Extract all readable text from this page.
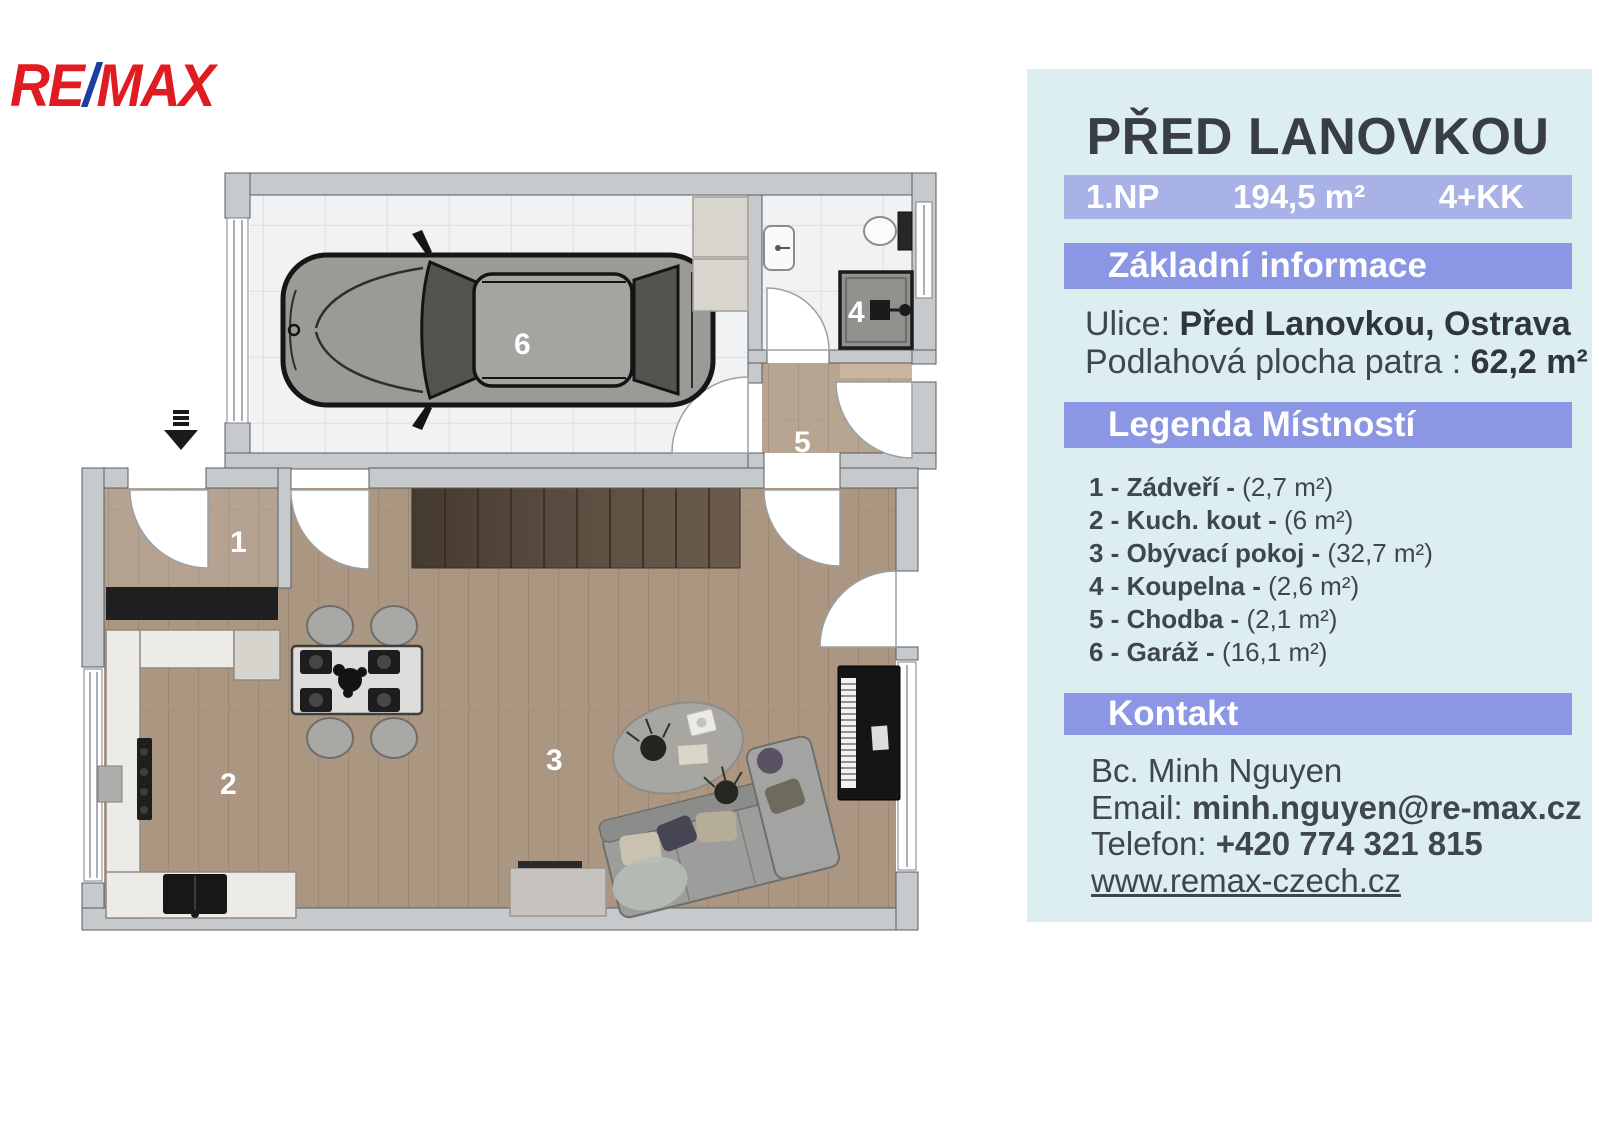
RE/MAX
1
2
3
4
5
6
PŘED LANOVKOU
1.NP 194,5 m² 4+KK
Základní informace
Ulice: Před Lanovkou, Ostrava
Podlahová plocha patra : 62,2 m²
Legenda Místností
1 - Zádveří - (2,7 m²)
2 - Kuch. kout - (6 m²)
3 - Obývací pokoj - (32,7 m²)
4 - Koupelna - (2,6 m²)
5 - Chodba - (2,1 m²)
6 - Garáž - (16,1 m²)
Kontakt
Bc. Minh Nguyen
Email: minh.nguyen@re-max.cz
Telefon: +420 774 321 815
www.remax-czech.cz
